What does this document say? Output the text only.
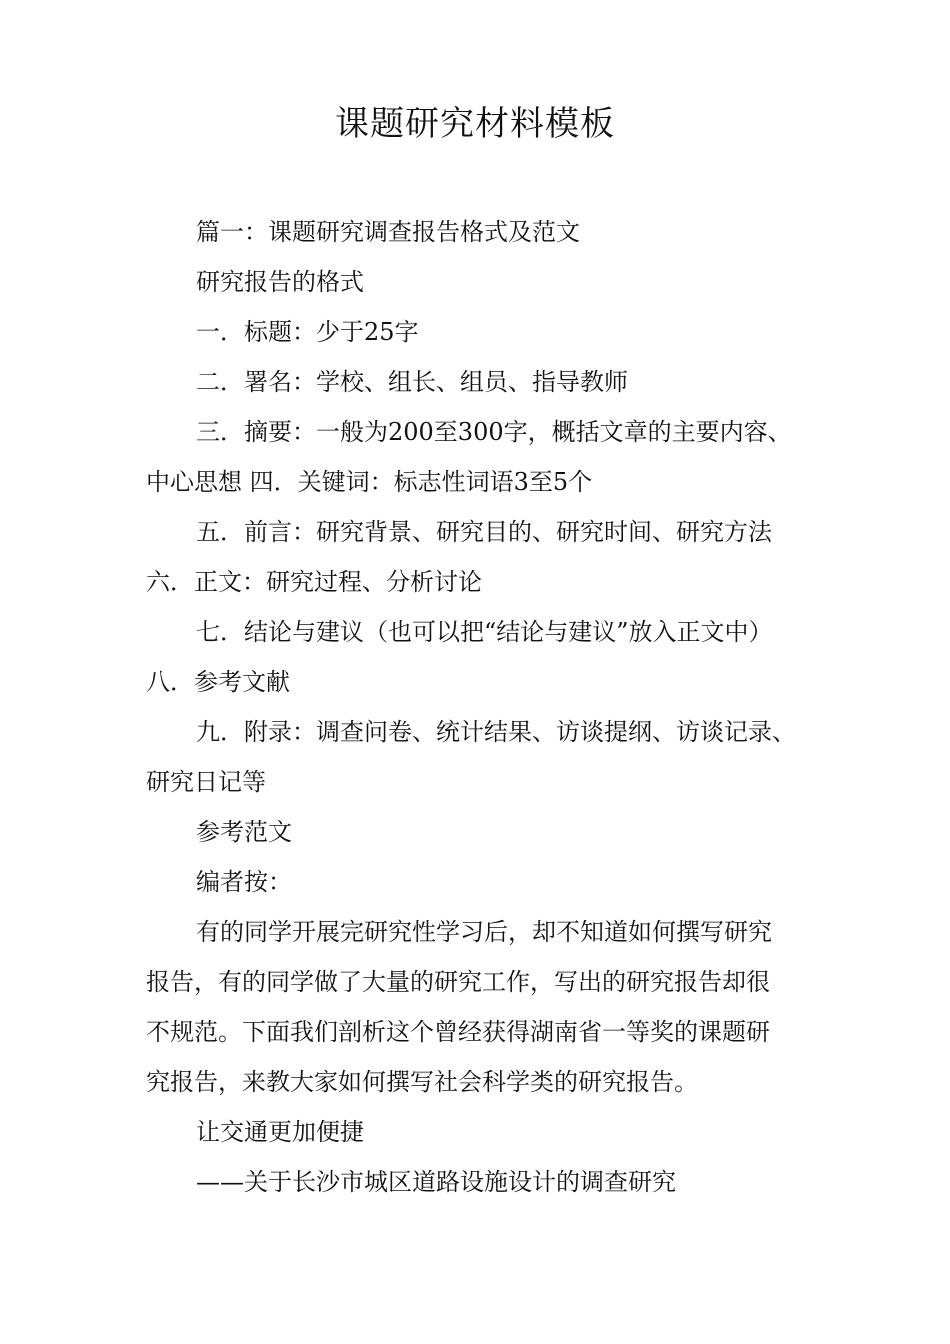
课题研究材料模板

篇一：课题研究调查报告格式及范文

研究报告的格式

一．标题：少于25字

二．署名：学校、组长、组员、指导教师

三．摘要：一般为200至300字，概括文章的主要内容、

中心思想 四．关键词：标志性词语3至5个

五．前言：研究背景、研究目的、研究时间、研究方法

六．正文：研究过程、分析讨论

七．结论与建议（也可以把“结论与建议”放入正文中）

八．参考文献

九．附录：调查问卷、统计结果、访谈提纲、访谈记录、

研究日记等

参考范文

编者按：

有的同学开展完研究性学习后，却不知道如何撰写研究

报告，有的同学做了大量的研究工作，写出的研究报告却很

不规范。下面我们剖析这个曾经获得湖南省一等奖的课题研

究报告，来教大家如何撰写社会科学类的研究报告。

让交通更加便捷

——关于长沙市城区道路设施设计的调查研究
